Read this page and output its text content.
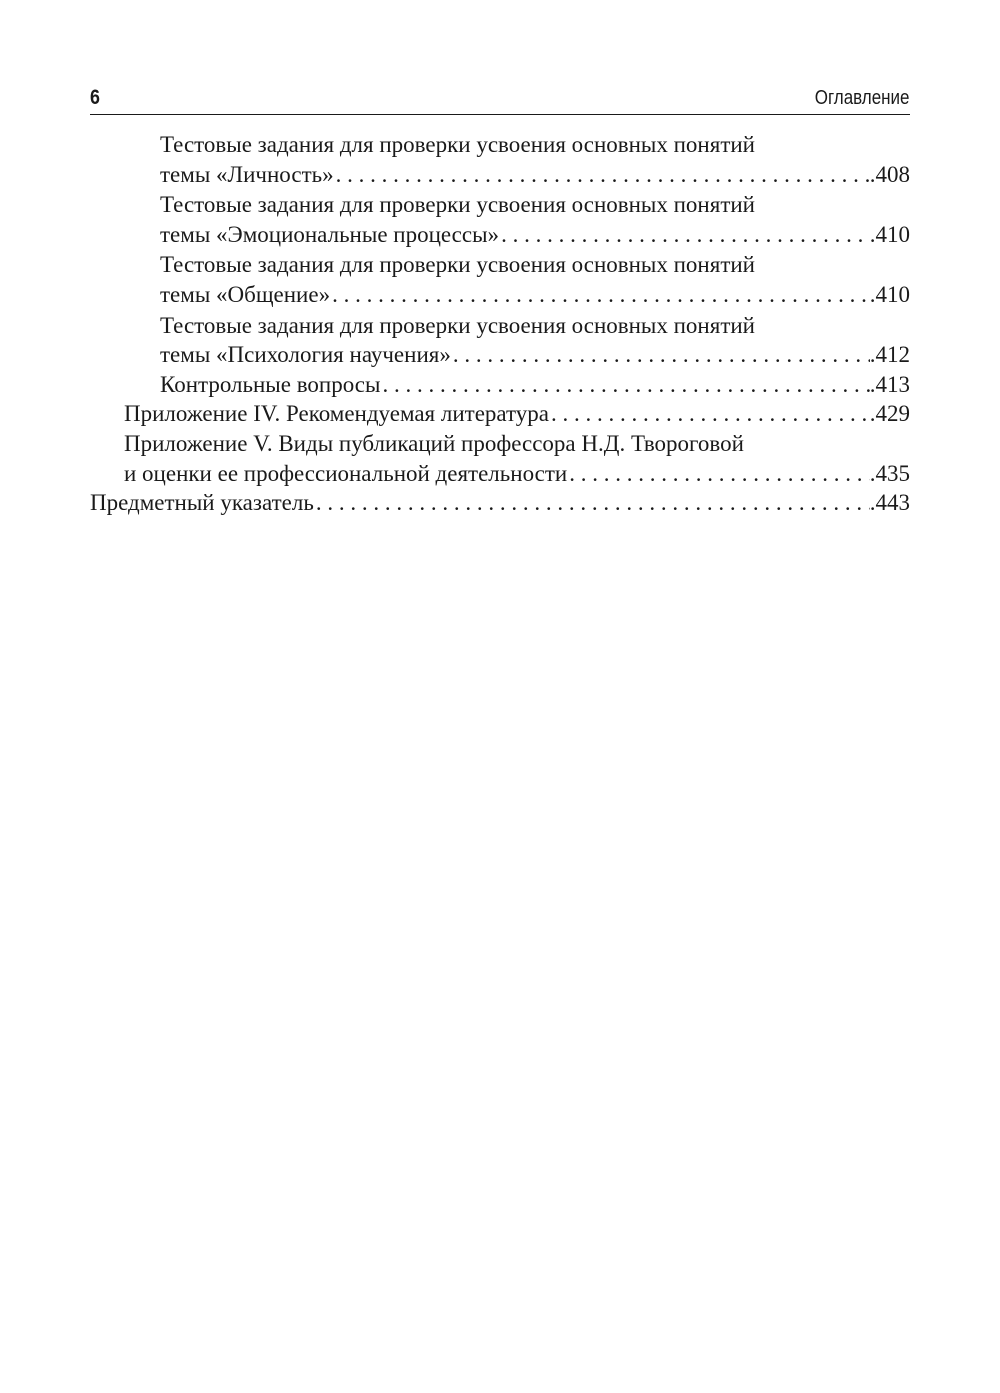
6	Оглавление
Тестовые задания для проверки усвоения основных понятий
темы «Личность» . . .	.408
Тестовые задания для проверки усвоения основных понятий
темы «Эмоциональные процессы» . . .	.410
Тестовые задания для проверки усвоения основных понятий
темы «Общение» . . .	.410
Тестовые задания для проверки усвоения основных понятий
темы «Психология научения» . . .	.412
Контрольные вопросы . . .	.413
Приложение IV. Рекомендуемая литература . . .	.429
Приложение V. Виды публикаций профессора Н.Д. Твороговой
и оценки ее профессиональной деятельности . . .	.435
Предметный указатель . . .	.443
